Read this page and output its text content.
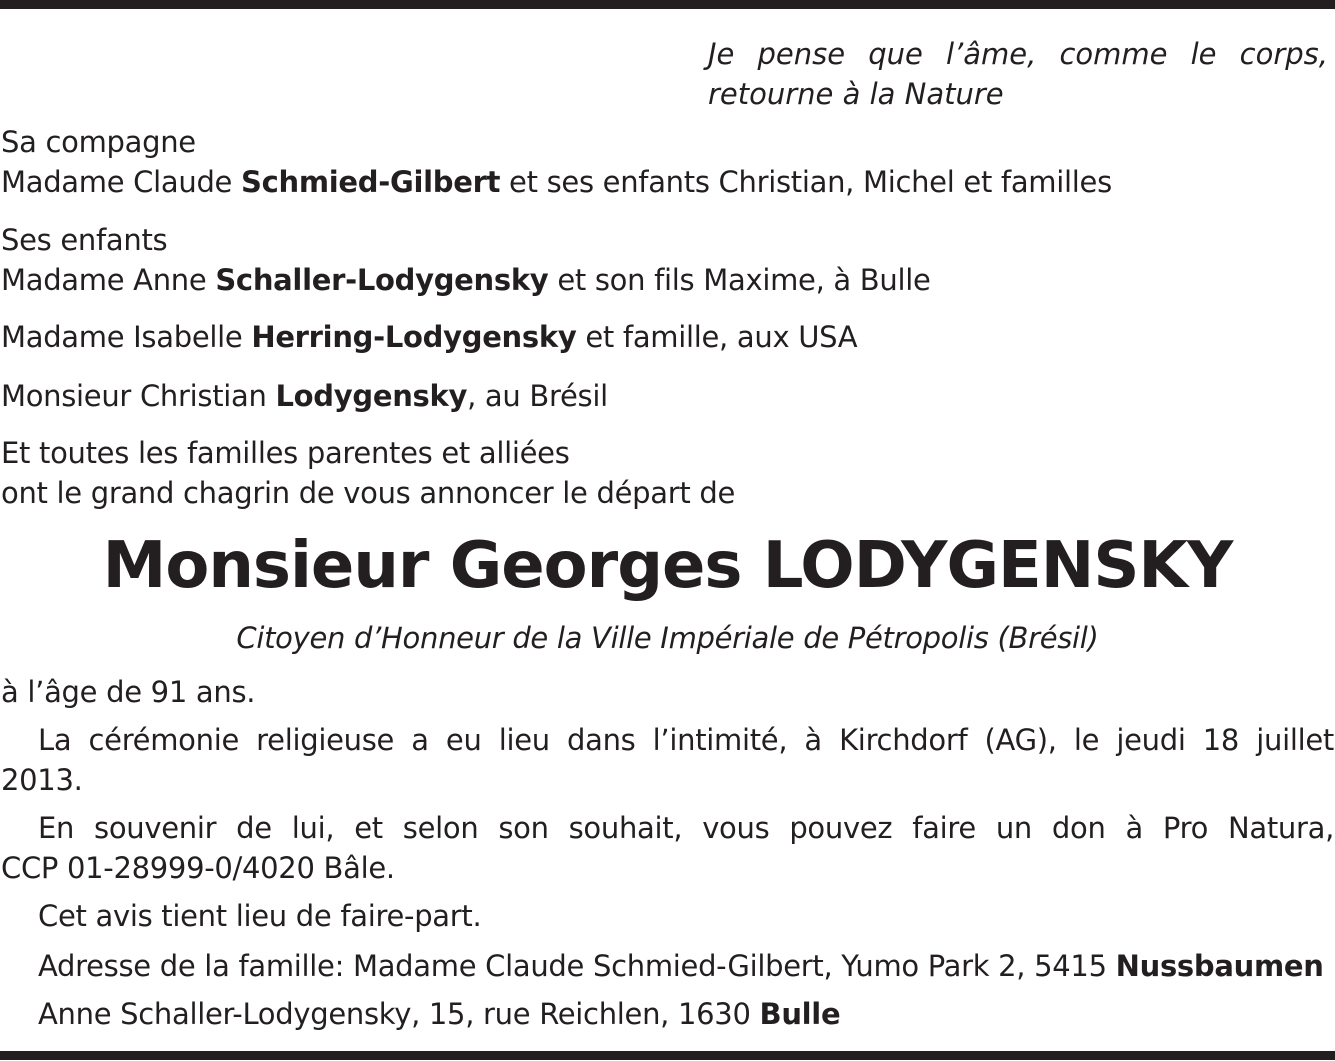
Je pense que l’âme, comme le corps,
retourne à la Nature
Sa compagne
Madame Claude Schmied-Gilbert et ses enfants Christian, Michel et familles
Ses enfants
Madame Anne Schaller-Lodygensky et son fils Maxime, à Bulle
Madame Isabelle Herring-Lodygensky et famille, aux USA
Monsieur Christian Lodygensky, au Brésil
Et toutes les familles parentes et alliées
ont le grand chagrin de vous annoncer le départ de
Monsieur Georges LODYGENSKY
Citoyen d’Honneur de la Ville Impériale de Pétropolis (Brésil)
à l’âge de 91 ans.
La cérémonie religieuse a eu lieu dans l’intimité, à Kirchdorf (AG), le jeudi 18 juillet
2013.
En souvenir de lui, et selon son souhait, vous pouvez faire un don à Pro Natura,
CCP 01-28999-0/4020 Bâle.
Cet avis tient lieu de faire-part.
Adresse de la famille: Madame Claude Schmied-Gilbert, Yumo Park 2, 5415 Nussbaumen
Anne Schaller-Lodygensky, 15, rue Reichlen, 1630 Bulle
